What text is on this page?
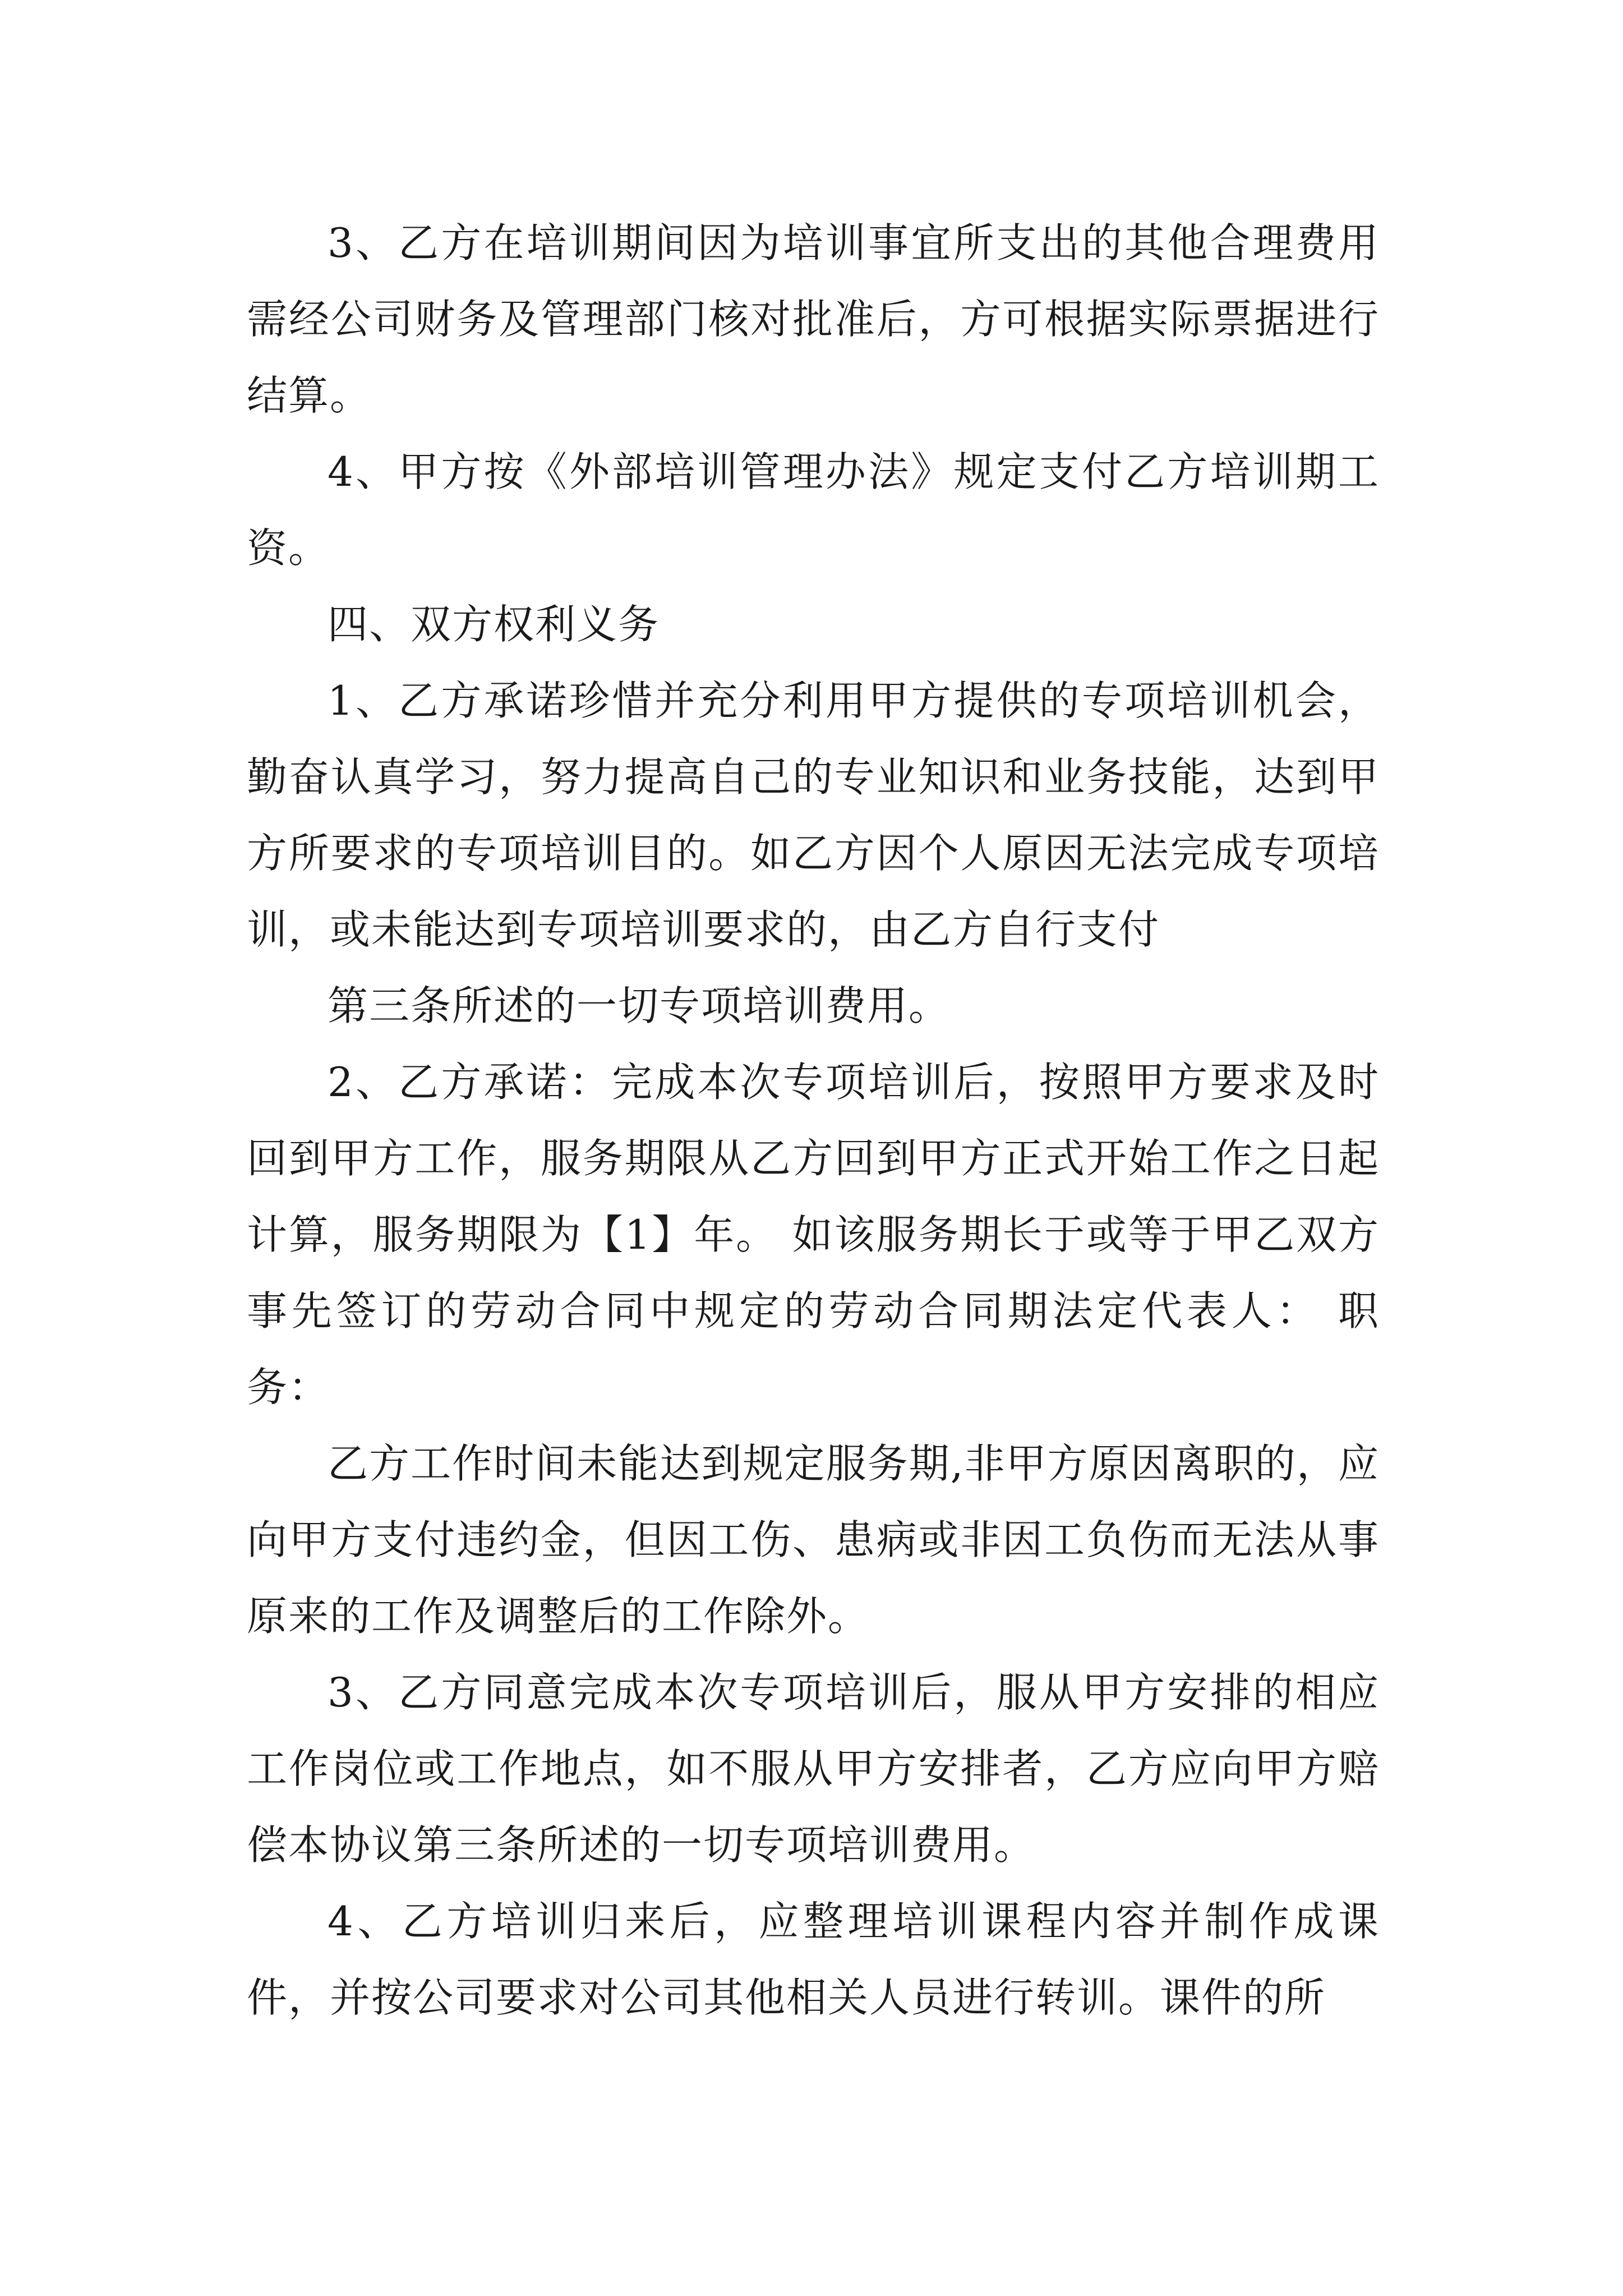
3、乙方在培训期间因为培训事宜所支出的其他合理费用需经公司财务及管理部门核对批准后，方可根据实际票据进行结算。

4、甲方按《外部培训管理办法》规定支付乙方培训期工资。

四、双方权利义务

1、乙方承诺珍惜并充分利用甲方提供的专项培训机会，勤奋认真学习，努力提高自己的专业知识和业务技能，达到甲方所要求的专项培训目的。如乙方因个人原因无法完成专项培训，或未能达到专项培训要求的，由乙方自行支付

第三条所述的一切专项培训费用。

2、乙方承诺：完成本次专项培训后，按照甲方要求及时回到甲方工作，服务期限从乙方回到甲方正式开始工作之日起计算，服务期限为【1】年。 如该服务期长于或等于甲乙双方事先签订的劳动合同中规定的劳动合同期法定代表人： 职务：

乙方工作时间未能达到规定服务期,非甲方原因离职的，应向甲方支付违约金，但因工伤、患病或非因工负伤而无法从事原来的工作及调整后的工作除外。

3、乙方同意完成本次专项培训后，服从甲方安排的相应工作岗位或工作地点，如不服从甲方安排者，乙方应向甲方赔偿本协议第三条所述的一切专项培训费用。

4、乙方培训归来后，应整理培训课程内容并制作成课件，并按公司要求对公司其他相关人员进行转训。课件的所
